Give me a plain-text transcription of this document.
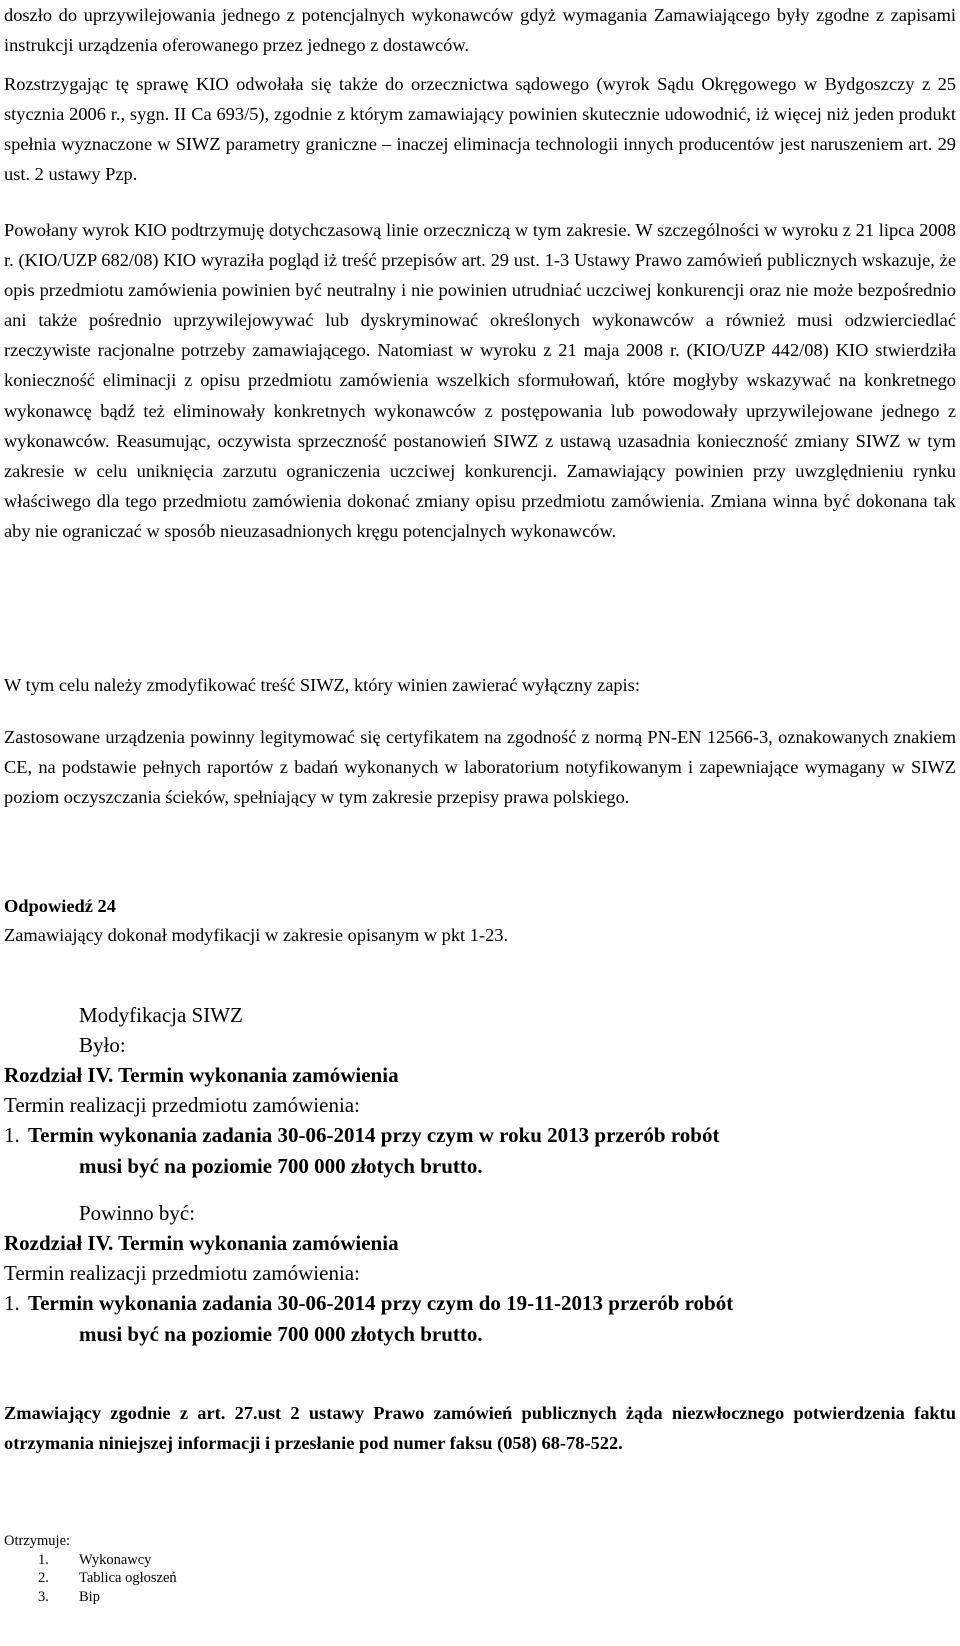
doszło do uprzywilejowania jednego z potencjalnych wykonawców gdyż wymagania Zamawiającego były zgodne z zapisami instrukcji urządzenia oferowanego przez jednego z dostawców.

Rozstrzygając tę sprawę KIO odwołała się także do orzecznictwa sądowego (wyrok Sądu Okręgowego w Bydgoszczy z 25 stycznia 2006 r., sygn. II Ca 693/5), zgodnie z którym zamawiający powinien skutecznie udowodnić, iż więcej niż jeden produkt spełnia wyznaczone w SIWZ parametry graniczne – inaczej eliminacja technologii innych producentów jest naruszeniem art. 29 ust. 2 ustawy Pzp.

Powołany wyrok KIO podtrzymuję dotychczasową linie orzeczniczą w tym zakresie. W szczególności w wyroku z 21 lipca 2008 r. (KIO/UZP 682/08) KIO wyraziła pogląd iż treść przepisów art. 29 ust. 1-3 Ustawy Prawo zamówień publicznych wskazuje, że opis przedmiotu zamówienia powinien być neutralny i nie powinien utrudniać uczciwej konkurencji oraz nie może bezpośrednio ani także pośrednio uprzywilejowywać lub dyskryminować określonych wykonawców a również musi odzwierciedlać rzeczywiste racjonalne potrzeby zamawiającego. Natomiast w wyroku z 21 maja 2008 r. (KIO/UZP 442/08) KIO stwierdziła konieczność eliminacji z opisu przedmiotu zamówienia wszelkich sformułowań, które mogłyby wskazywać na konkretnego wykonawcę bądź też eliminowały konkretnych wykonawców z postępowania lub powodowały uprzywilejowane jednego z wykonawców. Reasumując, oczywista sprzeczność postanowień SIWZ z ustawą uzasadnia konieczność zmiany SIWZ w tym zakresie w celu uniknięcia zarzutu ograniczenia uczciwej konkurencji. Zamawiający powinien przy uwzględnieniu rynku właściwego dla tego przedmiotu zamówienia dokonać zmiany opisu przedmiotu zamówienia. Zmiana winna być dokonana tak aby nie ograniczać w sposób nieuzasadnionych kręgu potencjalnych wykonawców.

W tym celu należy zmodyfikować treść SIWZ, który winien zawierać wyłączny zapis:

Zastosowane urządzenia powinny legitymować się certyfikatem na zgodność z normą PN-EN 12566-3, oznakowanych znakiem CE, na podstawie pełnych raportów z badań wykonanych w laboratorium notyfikowanym i zapewniające wymagany w SIWZ poziom oczyszczania ścieków, spełniający w tym zakresie przepisy prawa polskiego.

Odpowiedź 24

Zamawiający dokonał modyfikacji w zakresie opisanym w pkt 1-23.

Modyfikacja SIWZ

Było:

Rozdział IV. Termin wykonania zamówienia

Termin realizacji przedmiotu zamówienia:

1. Termin wykonania zadania 30-06-2014 przy czym w roku 2013 przerób robót
musi być na poziomie 700 000 złotych brutto.

Powinno być:

Rozdział IV. Termin wykonania zamówienia

Termin realizacji przedmiotu zamówienia:

1. Termin wykonania zadania 30-06-2014 przy czym do 19-11-2013 przerób robót
musi być na poziomie 700 000 złotych brutto.

Zmawiający zgodnie z art. 27.ust 2 ustawy Prawo zamówień publicznych żąda niezwłocznego potwierdzenia faktu otrzymania niniejszej informacji i przesłanie pod numer faksu (058) 68-78-522.

Otrzymuje:

1.	Wykonawcy
2.	Tablica ogłoszeń
3.	Bip
